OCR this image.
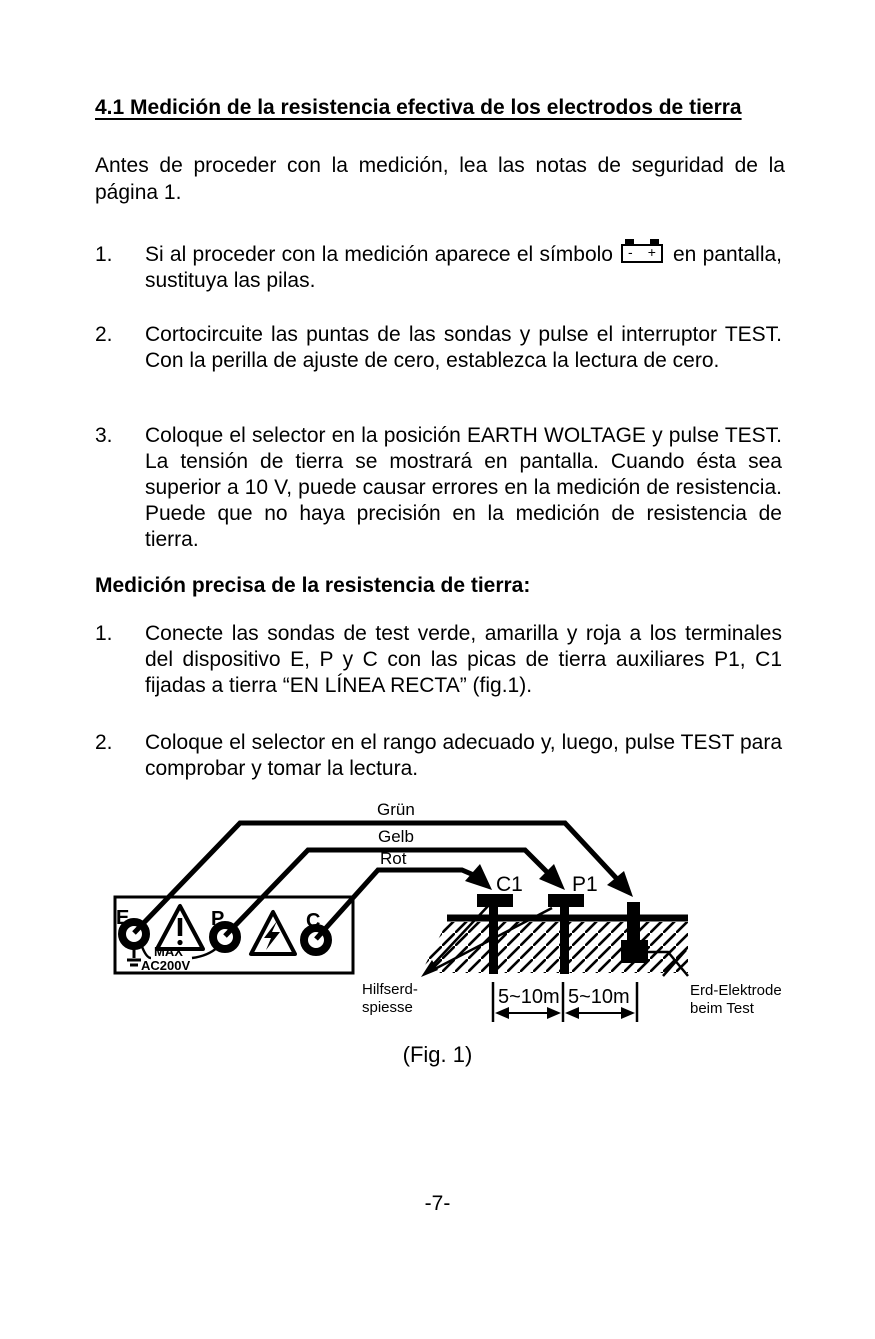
4.1 Medición de la resistencia efectiva de los electrodos de tierra

Antes de proceder con la medición, lea las notas de seguridad de la página 1.

1.	Si al proceder con la medición aparece el símbolo - + en pantalla, sustituya las pilas.
2.	Cortocircuite las puntas de las sondas y pulse el interruptor TEST. Con la perilla de ajuste de cero, establezca la lectura de cero.
3.	Coloque el selector en la posición EARTH WOLTAGE y pulse TEST. La tensión de tierra se mostrará en pantalla. Cuando ésta sea superior a 10 V, puede causar errores en la medición de resistencia. Puede que no haya precisión en la medición de resistencia de tierra.
Medición precisa de la resistencia de tierra:
1.	Conecte las sondas de test verde, amarilla y roja a los terminales del dispositivo E, P y C con las picas de tierra auxiliares P1, C1 fijadas a tierra “EN LÍNEA RECTA” (fig.1).
2.	Coloque el selector en el rango adecuado y, luego, pulse TEST para comprobar y tomar la lectura.
E	P	C
MAX
AC200V
Grün
Gelb
Rot
C1 P1
Hilfserd-
spiesse
Erd-Elektrode
beim Test
5~10m 5~10m

(Fig. 1)

-7-
